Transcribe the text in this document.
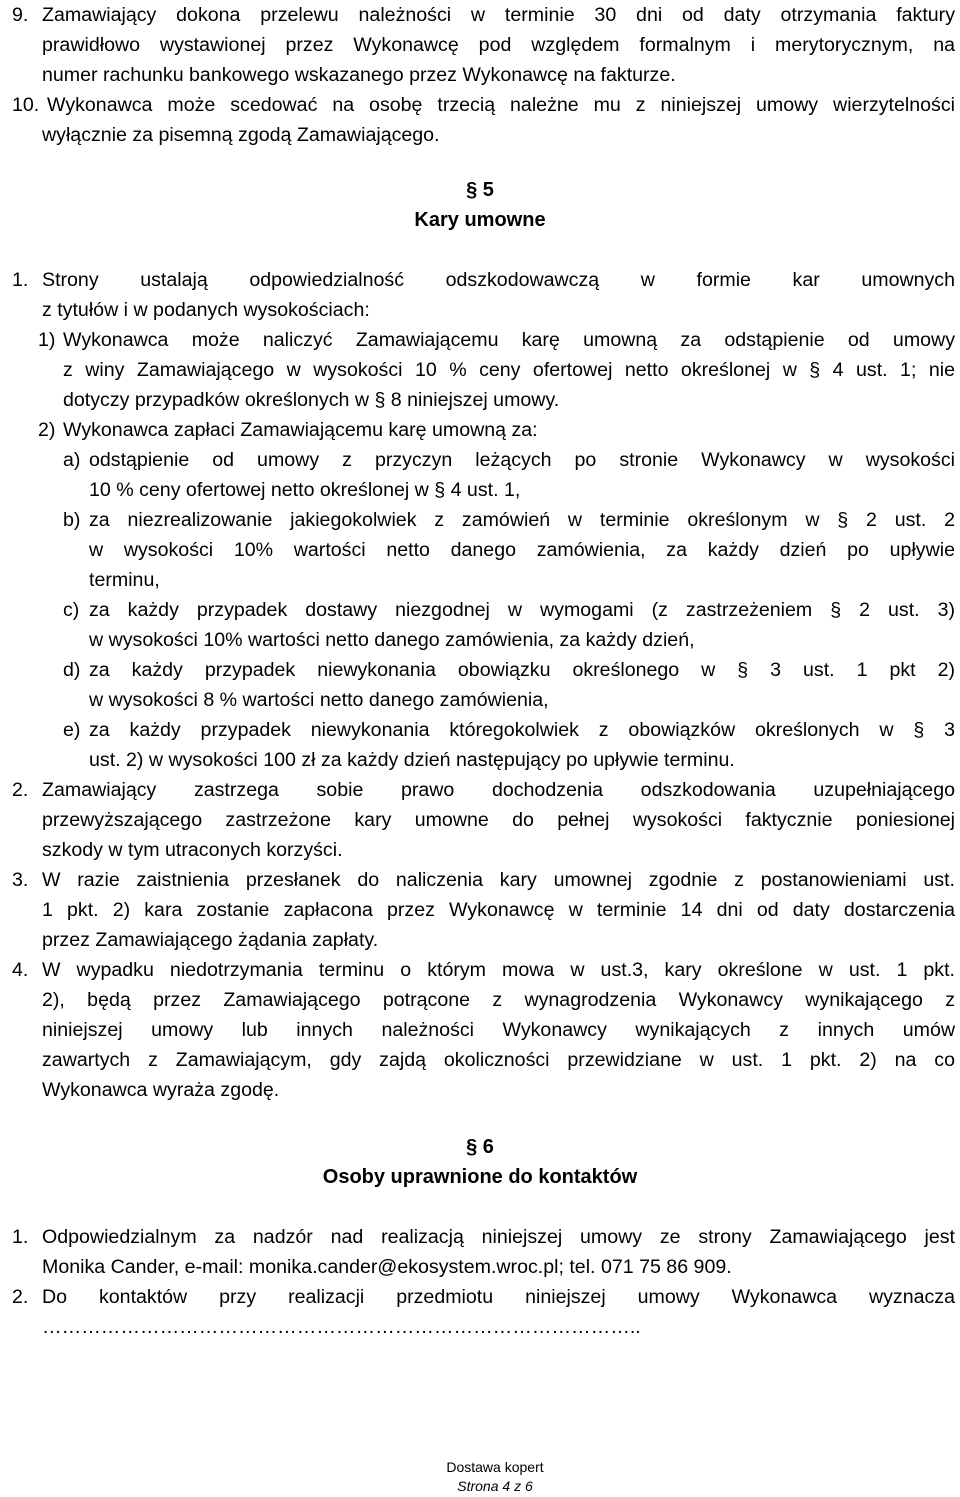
9. Zamawiający dokona przelewu należności w terminie 30 dni od daty otrzymania faktury
prawidłowo wystawionej przez Wykonawcę pod względem formalnym i merytorycznym, na
numer rachunku bankowego wskazanego przez Wykonawcę na fakturze.
10. Wykonawca może scedować na osobę trzecią należne mu z niniejszej umowy wierzytelności
wyłącznie za pisemną zgodą Zamawiającego.
§ 5
Kary umowne
1. Strony ustalają odpowiedzialność odszkodowawczą w formie kar umownych
z tytułów i w podanych wysokościach:
1) Wykonawca może naliczyć Zamawiającemu karę umowną za odstąpienie od umowy
z winy Zamawiającego w wysokości 10 % ceny ofertowej netto określonej w § 4 ust. 1; nie
dotyczy przypadków określonych w § 8 niniejszej umowy.
2) Wykonawca zapłaci Zamawiającemu karę umowną za:
a) odstąpienie od umowy z przyczyn leżących po stronie Wykonawcy w wysokości
10 % ceny ofertowej netto określonej w § 4 ust. 1,
b) za niezrealizowanie jakiegokolwiek z zamówień w terminie określonym w § 2 ust. 2
w wysokości 10% wartości netto danego zamówienia, za każdy dzień po upływie
terminu,
c) za każdy przypadek dostawy niezgodnej w wymogami (z zastrzeżeniem § 2 ust. 3)
w wysokości 10% wartości netto danego zamówienia, za każdy dzień,
d) za każdy przypadek niewykonania obowiązku określonego w § 3 ust. 1 pkt 2)
w wysokości 8 % wartości netto danego zamówienia,
e) za każdy przypadek niewykonania któregokolwiek z obowiązków określonych w § 3
ust. 2) w wysokości 100 zł za każdy dzień następujący po upływie terminu.
2. Zamawiający zastrzega sobie prawo dochodzenia odszkodowania uzupełniającego
przewyższającego zastrzeżone kary umowne do pełnej wysokości faktycznie poniesionej
szkody w tym utraconych korzyści.
3. W razie zaistnienia przesłanek do naliczenia kary umownej zgodnie z postanowieniami ust.
1 pkt. 2) kara zostanie zapłacona przez Wykonawcę w terminie 14 dni od daty dostarczenia
przez Zamawiającego żądania zapłaty.
4. W wypadku niedotrzymania terminu o którym mowa w ust.3, kary określone w ust. 1 pkt.
2), będą przez Zamawiającego potrącone z wynagrodzenia Wykonawcy wynikającego z
niniejszej umowy lub innych należności Wykonawcy wynikających z innych umów
zawartych z Zamawiającym, gdy zajdą okoliczności przewidziane w ust. 1 pkt. 2) na co
Wykonawca wyraża zgodę.
§ 6
Osoby uprawnione do kontaktów
1. Odpowiedzialnym za nadzór nad realizacją niniejszej umowy ze strony Zamawiającego jest
Monika Cander, e-mail: monika.cander@ekosystem.wroc.pl; tel. 071 75 86 909.
2. Do kontaktów przy realizacji przedmiotu niniejszej umowy Wykonawca wyznacza
………………………………………………………………………………..
Dostawa kopert
Strona 4 z 6
